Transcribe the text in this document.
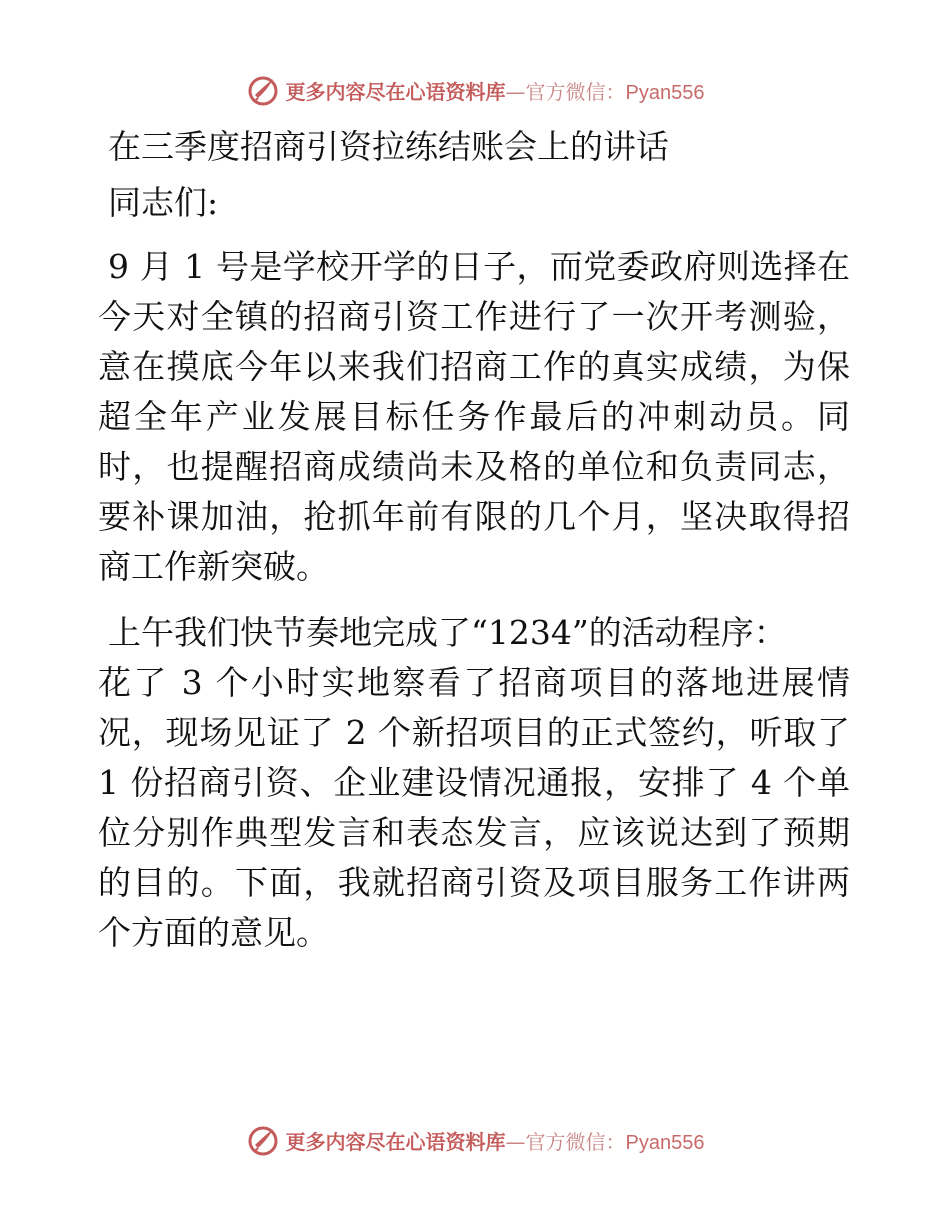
更多内容尽在心语资料库—官方微信：Pyan556
在三季度招商引资拉练结账会上的讲话
同志们:
9 月 1 号是学校开学的日子，而党委政府则选择在
今天对全镇的招商引资工作进行了一次开考测验，
意在摸底今年以来我们招商工作的真实成绩，为保
超全年产业发展目标任务作最后的冲刺动员。同
时，也提醒招商成绩尚未及格的单位和负责同志，
要补课加油，抢抓年前有限的几个月，坚决取得招
商工作新突破。
上午我们快节奏地完成了“1234”的活动程序：
花了 3 个小时实地察看了招商项目的落地进展情
况，现场见证了 2 个新招项目的正式签约，听取了
1 份招商引资、企业建设情况通报，安排了 4 个单
位分别作典型发言和表态发言，应该说达到了预期
的目的。下面，我就招商引资及项目服务工作讲两
个方面的意见。
更多内容尽在心语资料库—官方微信：Pyan556
